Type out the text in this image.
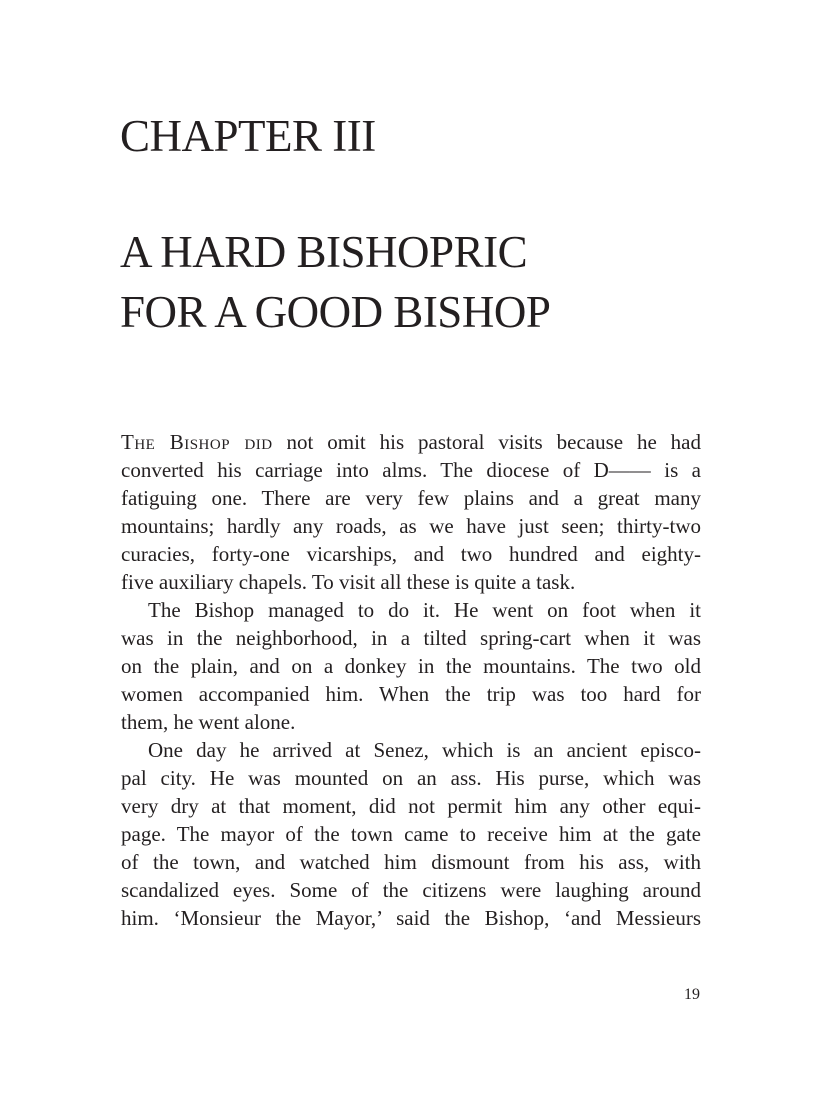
CHAPTER III
A HARD BISHOPRIC
FOR A GOOD BISHOP
The Bishop did not omit his pastoral visits because he had
converted his carriage into alms. The diocese of D—— is a
fatiguing one. There are very few plains and a great many
mountains; hardly any roads, as we have just seen; thirty-two
curacies, forty-one vicarships, and two hundred and eighty-
five auxiliary chapels. To visit all these is quite a task.
The Bishop managed to do it. He went on foot when it
was in the neighborhood, in a tilted spring-cart when it was
on the plain, and on a donkey in the mountains. The two old
women accompanied him. When the trip was too hard for
them, he went alone.
One day he arrived at Senez, which is an ancient episco-
pal city. He was mounted on an ass. His purse, which was
very dry at that moment, did not permit him any other equi-
page. The mayor of the town came to receive him at the gate
of the town, and watched him dismount from his ass, with
scandalized eyes. Some of the citizens were laughing around
him. ‘Monsieur the Mayor,’ said the Bishop, ‘and Messieurs
19
